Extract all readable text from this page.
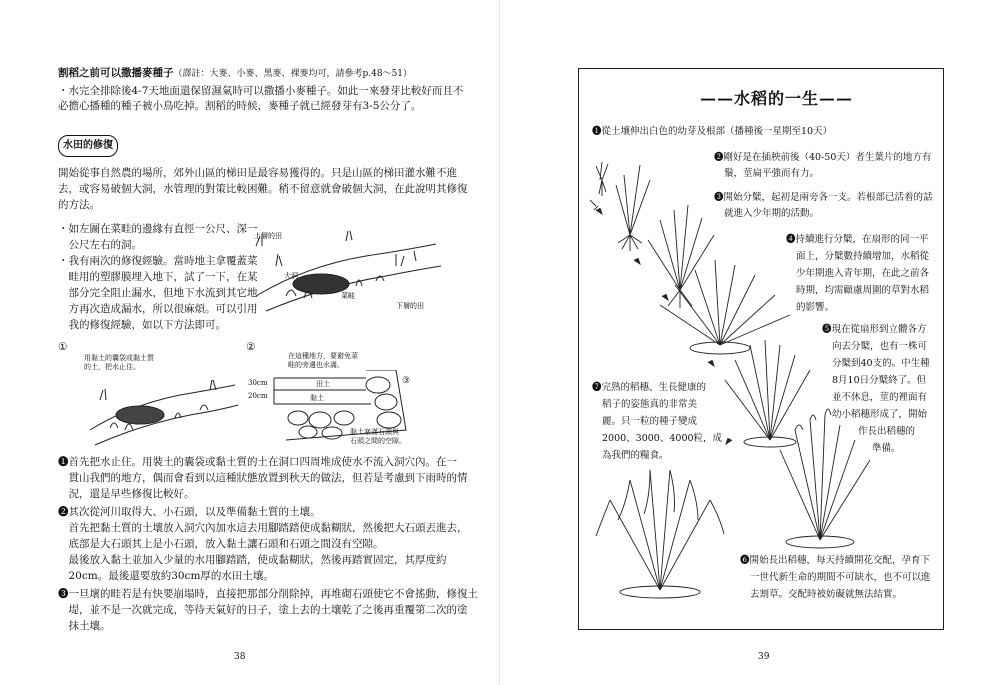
割稻之前可以撒播麥種子（譯註：大麥、小麥、黑麥、裸麥均可，請參考p.48～51）
・水完全排除後4-7天地面還保留濕氣時可以撒播小麥種子。如此一來發芽比較好而且不
必擔心播種的種子被小鳥吃掉。割稻的時候，麥種子就已經發芽有3-5公分了。
水田的修復
開始從事自然農的場所，郊外山區的梯田是最容易獲得的。只是山區的梯田灌水難不進
去，或容易破個大洞，水管理的對策比較困難。稍不留意就會破個大洞，在此說明其修復
的方法。
・如左圖在菜畦的邊緣有直徑一公尺、深一
　公尺左右的洞。
・我有兩次的修復經驗。當時地主拿覆蓋菜
　畦用的塑膠膜埋入地下，試了一下，在某
　部分完全阻止漏水，但地下水流到其它地
　方再次造成漏水，所以很麻煩。可以引用
　我的修復經驗，如以下方法即可。
上層的田
大洞
菜畦
下層的田
①
用黏土的囊袋或黏土質
的土，把水止住。
②
在這種地方，要避免菜
畦的旁邊也水滿。
30cm
20cm
田土
黏土
③
黏土塞滿石頭與
石頭之間的空隙。
❶首先把水止住。用裝土的囊袋或黏土質的土在洞口四周堆成使水不流入洞穴內。在一
　貫山我們的地方，偶而會看到以這種狀態放置到秋天的做法，但若是考慮到下雨時的情
　況，還是早些修復比較好。
❷其次從河川取得大、小石頭，以及準備黏土質的土壤。
　首先把黏土質的土壤放入洞穴內加水這去用腳踏踏使成黏糊狀，然後把大石頭丟進去，
　底部是大石頭其上是小石頭，放入黏土讓石頭和石頭之間沒有空隙。
　最後放入黏土並加入少量的水用腳踏踏，使成黏糊狀，然後再踏實固定，其厚度約
　20cm。最後還要放約30cm厚的水田土壤。
❸一旦壞的畦若是有快要崩塌時，直接把那部分削除掉，再堆砌石頭使它不會搖動，修復土
　堤，並不是一次就完成，等待天氣好的日子，塗上去的土壤乾了之後再重覆第二次的塗
　抹土壤。
38
——水稻的一生——
❶從土壤伸出白色的幼芽及根部（播種後一星期至10天）
❷剛好是在插秧前後（40-50天）者生葉片的地方有
鬚，莖扁平強而有力。
❸開始分櫱，起初是兩旁各一支。若根部已活着的話
就進入少年期的活動。
❹持續進行分櫱，在扇形的同一平
面上，分櫱數持續增加，水稻從
少年期進入青年期，在此之前各
時期，均需顧慮周圍的草對水稻
的影響。
❺現在從扇形到立體各方
向去分櫱，也有一株可
分櫱到40支的。中生種
8月10日分櫱終了。但
並不休息，莖的裡面有
幼小稻穗形成了，開始
作長出稻穗的
準備。
❼完熟的稻穗、生長健康的
稻子的姿態真的非常美
麗。只一粒的種子變成
2000、3000、4000粒，成
為我們的糧食。
❻開始長出稻穗，每天持續開花交配，孕育下
一世代新生命的期間不可缺水，也不可以進
去割草。交配時被妨礙就無法結實。
39
